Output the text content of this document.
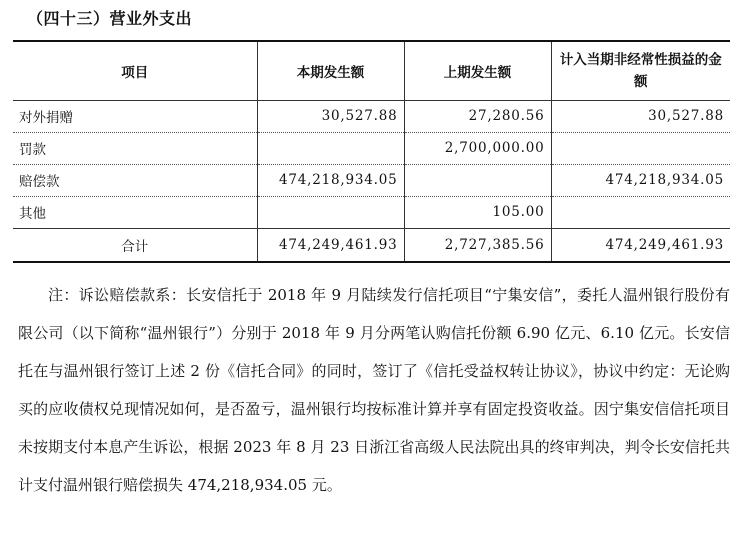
（四十三）营业外支出
项目	本期发生额	上期发生额	计入当期非经常性损益的金额
对外捐赠	30,527.88	27,280.56	30,527.88
罚款		2,700,000.00	
赔偿款	474,218,934.05		474,218,934.05
其他		105.00	
合计	474,249,461.93	2,727,385.56	474,249,461.93

注：诉讼赔偿款系：长安信托于 2018 年 9 月陆续发行信托项目“宁集安信”，委托人温州银行股份有限公司（以下简称“温州银行”）分别于 2018 年 9 月分两笔认购信托份额 6.90 亿元、6.10 亿元。长安信托在与温州银行签订上述 2 份《信托合同》的同时，签订了《信托受益权转让协议》，协议中约定：无论购买的应收债权兑现情况如何，是否盈亏，温州银行均按标准计算并享有固定投资收益。因宁集安信信托项目未按期支付本息产生诉讼，根据 2023 年 8 月 23 日浙江省高级人民法院出具的终审判决，判令长安信托共计支付温州银行赔偿损失 474,218,934.05 元。
